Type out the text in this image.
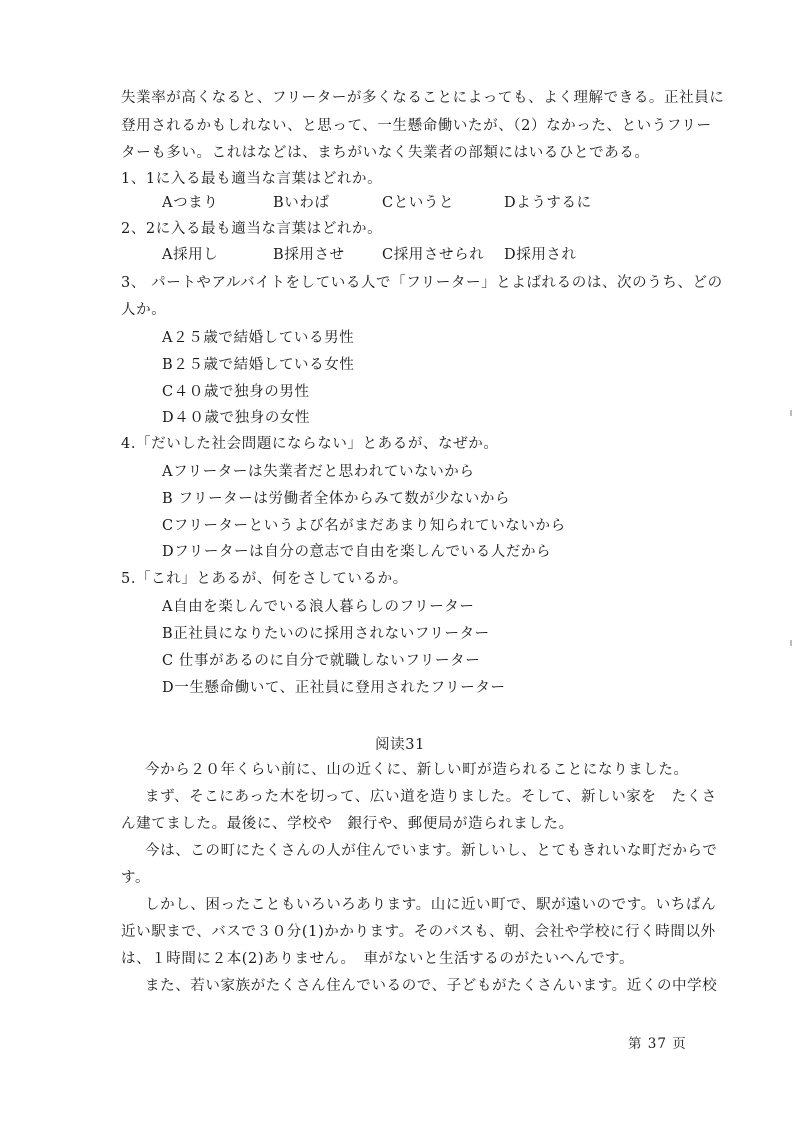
失業率が高くなると、フリーターが多くなることによっても、よく理解できる。正社員に
登用されるかもしれない、と思って、一生懸命働いたが、（2）なかった、というフリー
ターも多い。これはなどは、まちがいなく失業者の部類にはいるひとである。
1、1に入る最も適当な言葉はどれか。
Aつまり	Bいわば	Cというと	Dようするに
2、2に入る最も適当な言葉はどれか。
A採用し	B採用させ	C採用させられ D採用され
3、 パートやアルバイトをしている人で「フリーター」とよばれるのは、次のうち、どの
人か。
A２５歳で結婚している男性
B２５歳で結婚している女性
C４０歳で独身の男性
D４０歳で独身の女性
4.「だいした社会問題にならない」とあるが、なぜか。
Aフリーターは失業者だと思われていないから
B フリーターは労働者全体からみて数が少ないから
Cフリーターというよび名がまだあまり知られていないから
Dフリーターは自分の意志で自由を楽しんでいる人だから
5.「これ」とあるが、何をさしているか。
A自由を楽しんでいる浪人暮らしのフリーター
B正社員になりたいのに採用されないフリーター
C 仕事があるのに自分で就職しないフリーター
D一生懸命働いて、正社員に登用されたフリーター
阅读31
今から２０年くらい前に、山の近くに、新しい町が造られることになりました。
まず、そこにあった木を切って、広い道を造りました。そして、新しい家を　たくさ
ん建てました。最後に、学校や　銀行や、郵便局が造られました。
今は、この町にたくさんの人が住んでいます。新しいし、とてもきれいな町だからで
す。
しかし、困ったこともいろいろあります。山に近い町で、駅が遠いのです。いちばん
近い駅まで、バスで３０分(1)かかります。そのバスも、朝、会社や学校に行く時間以外
は、１時間に２本(2)ありません。　車がないと生活するのがたいへんです。
また、若い家族がたくさん住んでいるので、子どもがたくさんいます。近くの中学校
第 37 页
